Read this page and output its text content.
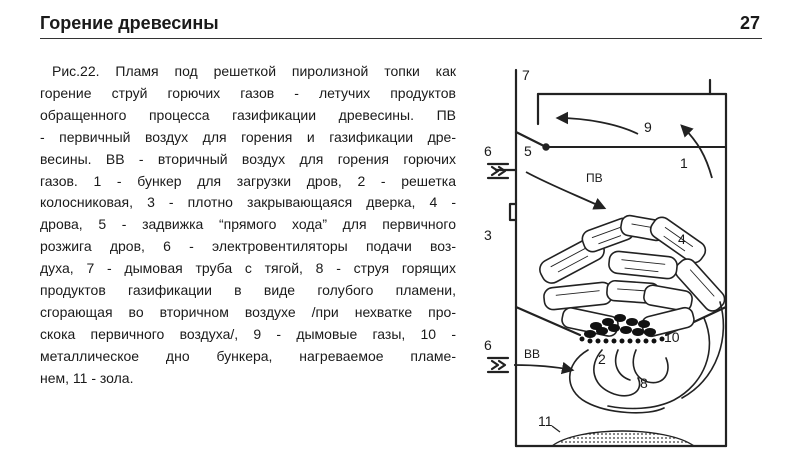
Горение древесины	27
Рис.22. Пламя под решеткой пиролизной топки как
горение струй горючих газов - летучих продуктов
обращенного процесса газификации древесины. ПВ
- первичный воздух для горения и газификации дре-
весины. ВВ - вторичный воздух для горения горючих
газов. 1 - бункер для загрузки дров, 2 - решетка
колосниковая, 3 - плотно закрывающаяся дверка, 4 -
дрова, 5 - задвижка “прямого хода” для первичного
розжига дров, 6 - электровентиляторы подачи воз-
духа, 7 - дымовая труба с тягой, 8 - струя горящих
продуктов газификации в виде голубого пламени,
сгорающая во вторичном воздухе /при нехватке про-
скока первичного воздуха/, 9 - дымовые газы, 10 -
металлическое дно бункера, нагреваемое пламе-
нем, 11 - зола.
7
9
6 5
1
ПВ
3	4
10
6
ВВ	2
8
11
